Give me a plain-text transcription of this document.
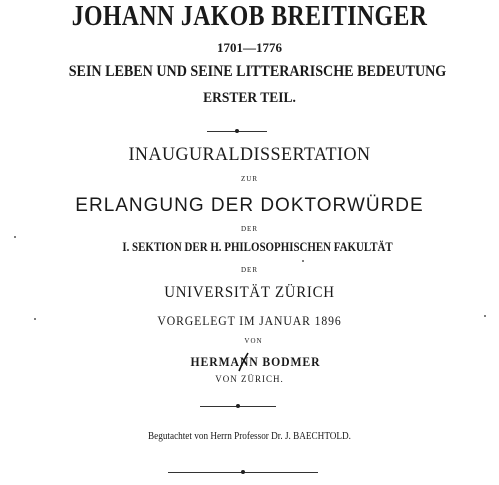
JOHANN JAKOB BREITINGER
1701—1776
SEIN LEBEN UND SEINE LITTERARISCHE BEDEUTUNG
ERSTER TEIL.
INAUGURALDISSERTATION
ZUR
ERLANGUNG DER DOKTORWÜRDE
DER
I. SEKTION DER H. PHILOSOPHISCHEN FAKULTÄT
DER
UNIVERSITÄT ZÜRICH
VORGELEGT IM JANUAR 1896
VON
HERMANN BODMER
VON ZÜRICH.
Begutachtet von Herrn Professor Dr. J. BAECHTOLD.
